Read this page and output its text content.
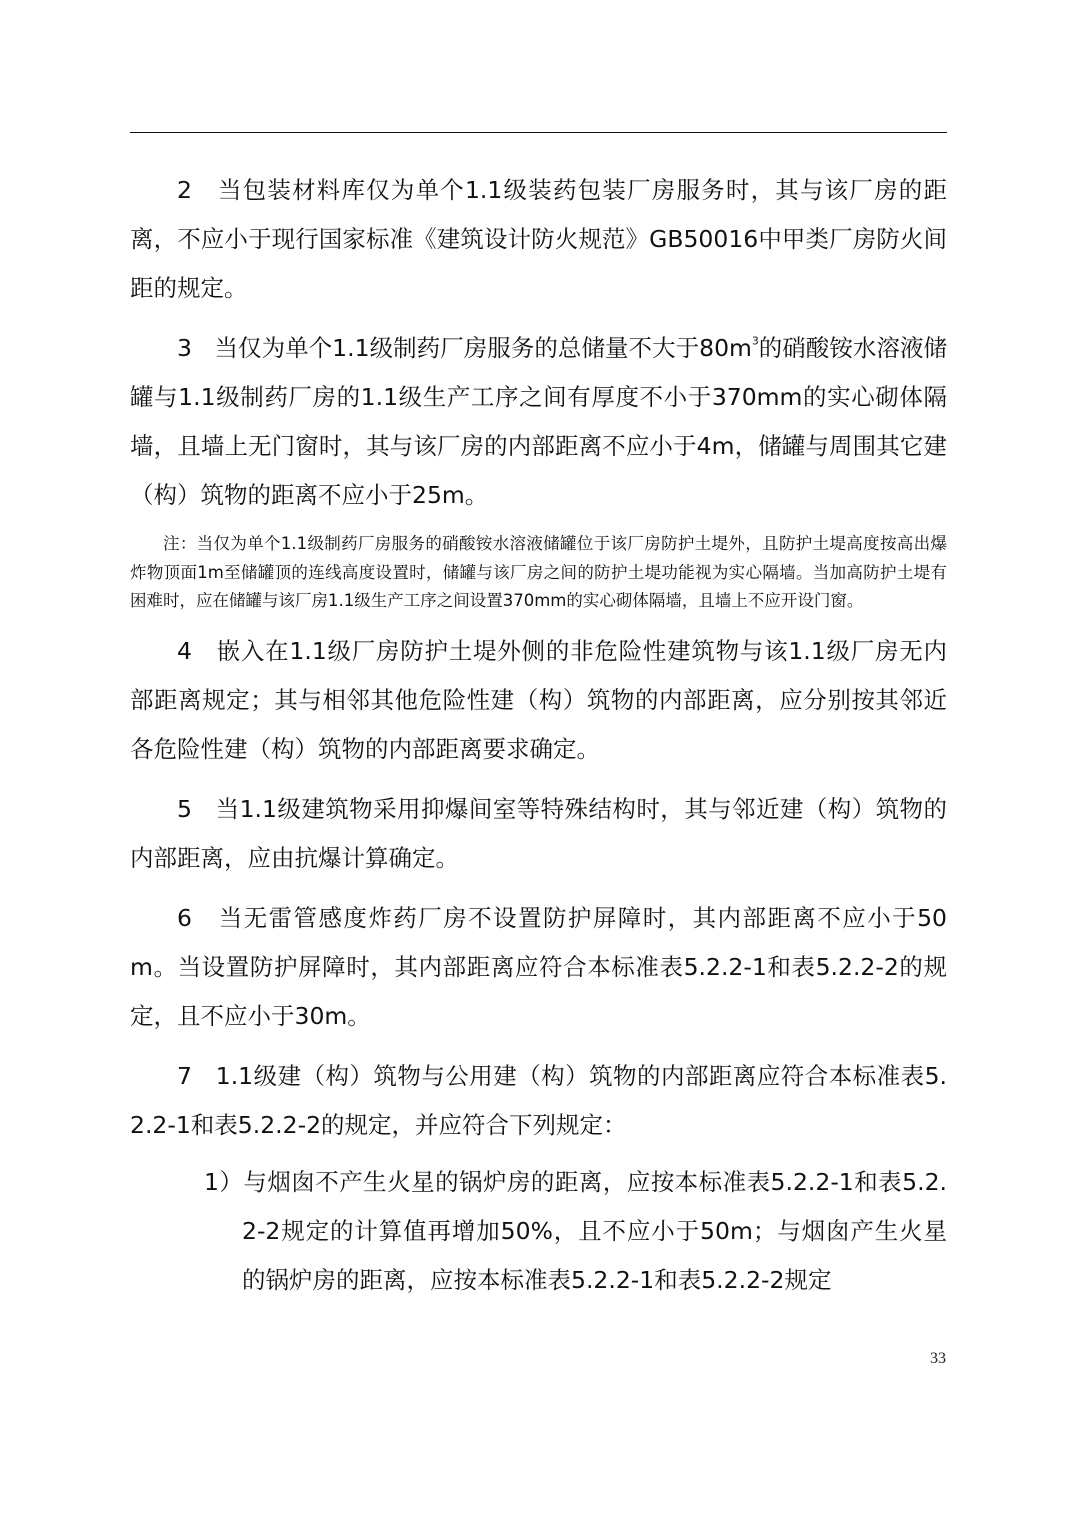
2 当包装材料库仅为单个1.1级装药包装厂房服务时，其与该厂房的距离，不应小于现行国家标准《建筑设计防火规范》GB50016中甲类厂房防火间距的规定。

3 当仅为单个1.1级制药厂房服务的总储量不大于$80m^3$的硝酸铵水溶液储罐与1.1级制药厂房的1.1级生产工序之间有厚度不小于370mm的实心砌体隔墙，且墙上无门窗时，其与该厂房的内部距离不应小于4m，储罐与周围其它建（构）筑物的距离不应小于25m。

注：当仅为单个1.1级制药厂房服务的硝酸铵水溶液储罐位于该厂房防护土堤外，且防护土堤高度按高出爆炸物顶面1m至储罐顶的连线高度设置时，储罐与该厂房之间的防护土堤功能视为实心隔墙。当加高防护土堤有困难时，应在储罐与该厂房1.1级生产工序之间设置370mm的实心砌体隔墙，且墙上不应开设门窗。

4 嵌入在1.1级厂房防护土堤外侧的非危险性建筑物与该1.1级厂房无内部距离规定；其与相邻其他危险性建（构）筑物的内部距离，应分别按其邻近各危险性建（构）筑物的内部距离要求确定。

5 当1.1级建筑物采用抑爆间室等特殊结构时，其与邻近建（构）筑物的内部距离，应由抗爆计算确定。

6 当无雷管感度炸药厂房不设置防护屏障时，其内部距离不应小于50m。当设置防护屏障时，其内部距离应符合本标准表5.2.2-1和表5.2.2-2的规定，且不应小于30m。

7 1.1级建（构）筑物与公用建（构）筑物的内部距离应符合本标准表5.2.2-1和表5.2.2-2的规定，并应符合下列规定：

1）与烟囱不产生火星的锅炉房的距离，应按本标准表5.2.2-1和表5.2.2-2规定的计算值再增加50%，且不应小于50m；与烟囱产生火星的锅炉房的距离，应按本标准表5.2.2-1和表5.2.2-2规定

33
